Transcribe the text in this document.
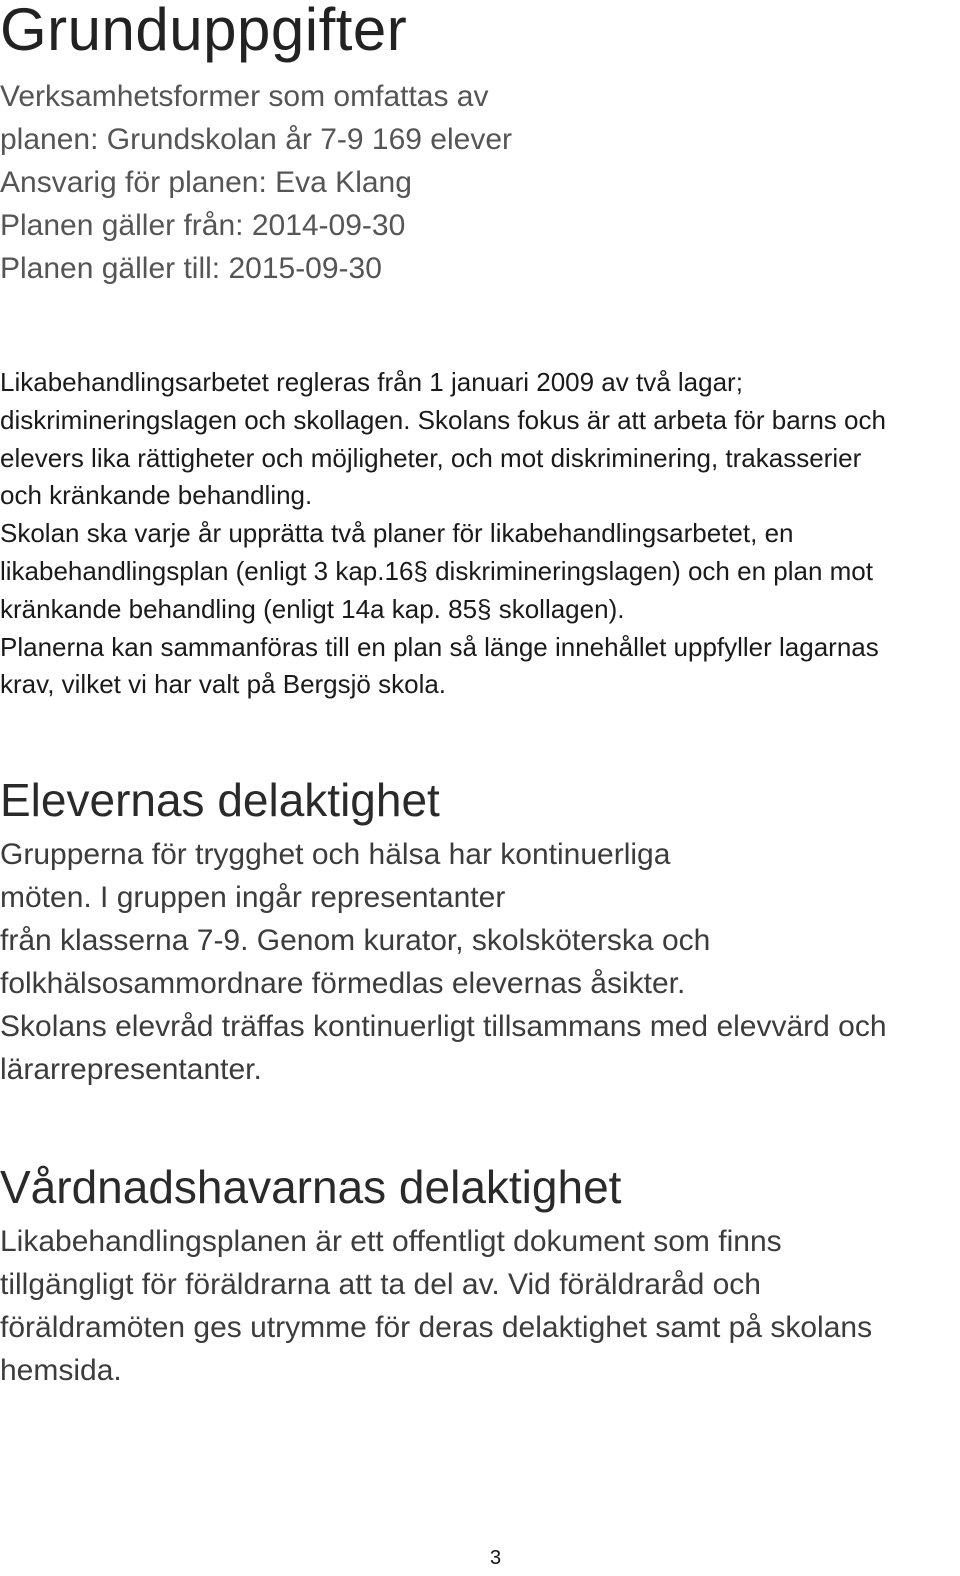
Grunduppgifter
Verksamhetsformer som omfattas av
planen: Grundskolan år 7-9 169 elever
Ansvarig för planen: Eva Klang
Planen gäller från: 2014-09-30
Planen gäller till: 2015-09-30
Likabehandlingsarbetet regleras från 1 januari 2009 av två lagar;
diskrimineringslagen och skollagen. Skolans fokus är att arbeta för barns och
elevers lika rättigheter och möjligheter, och mot diskriminering, trakasserier
och kränkande behandling.
Skolan ska varje år upprätta två planer för likabehandlingsarbetet, en
likabehandlingsplan (enligt 3 kap.16§ diskrimineringslagen) och en plan mot
kränkande behandling (enligt 14a kap. 85§ skollagen).
Planerna kan sammanföras till en plan så länge innehållet uppfyller lagarnas
krav, vilket vi har valt på Bergsjö skola.
Elevernas delaktighet
Grupperna för trygghet och hälsa har kontinuerliga
möten. I gruppen ingår representanter
från klasserna 7-9. Genom kurator, skolsköterska och
folkhälsosammordnare förmedlas elevernas åsikter.
Skolans elevråd träffas kontinuerligt tillsammans med elevvärd och
lärarrepresentanter.
Vårdnadshavarnas delaktighet
Likabehandlingsplanen är ett offentligt dokument som finns
tillgängligt för föräldrarna att ta del av. Vid föräldraråd och
föräldramöten ges utrymme för deras delaktighet samt på skolans
hemsida.
3
